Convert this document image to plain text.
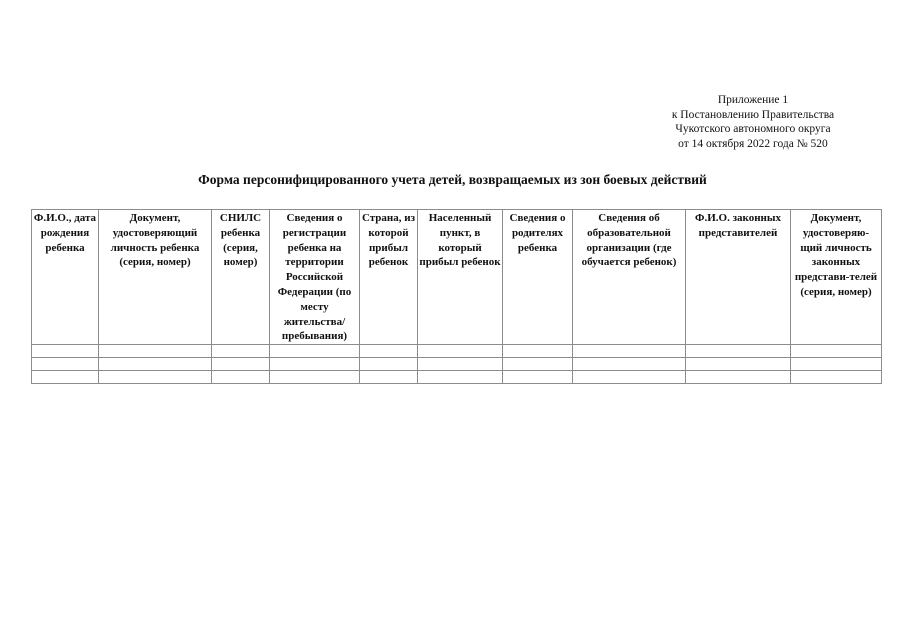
Приложение 1
к Постановлению Правительства
Чукотского автономного округа
от 14 октября 2022 года № 520
Форма персонифицированного учета детей, возвращаемых из зон боевых действий
Ф.И.О., дата рождения ребенка	Документ, удостоверяющий личность ребенка (серия, номер)	СНИЛС ребенка (серия, номер)	Сведения о регистрации ребенка на территории Российской Федерации (по месту жительства/ пребывания)	Страна, из которой прибыл ребенок	Населенный пункт, в который прибыл ребенок	Сведения о родителях ребенка	Сведения об образовательной организации (где обучается ребенок)	Ф.И.О. законных представителей	Документ, удостоверяю-щий личность законных представи-телей (серия, номер)
